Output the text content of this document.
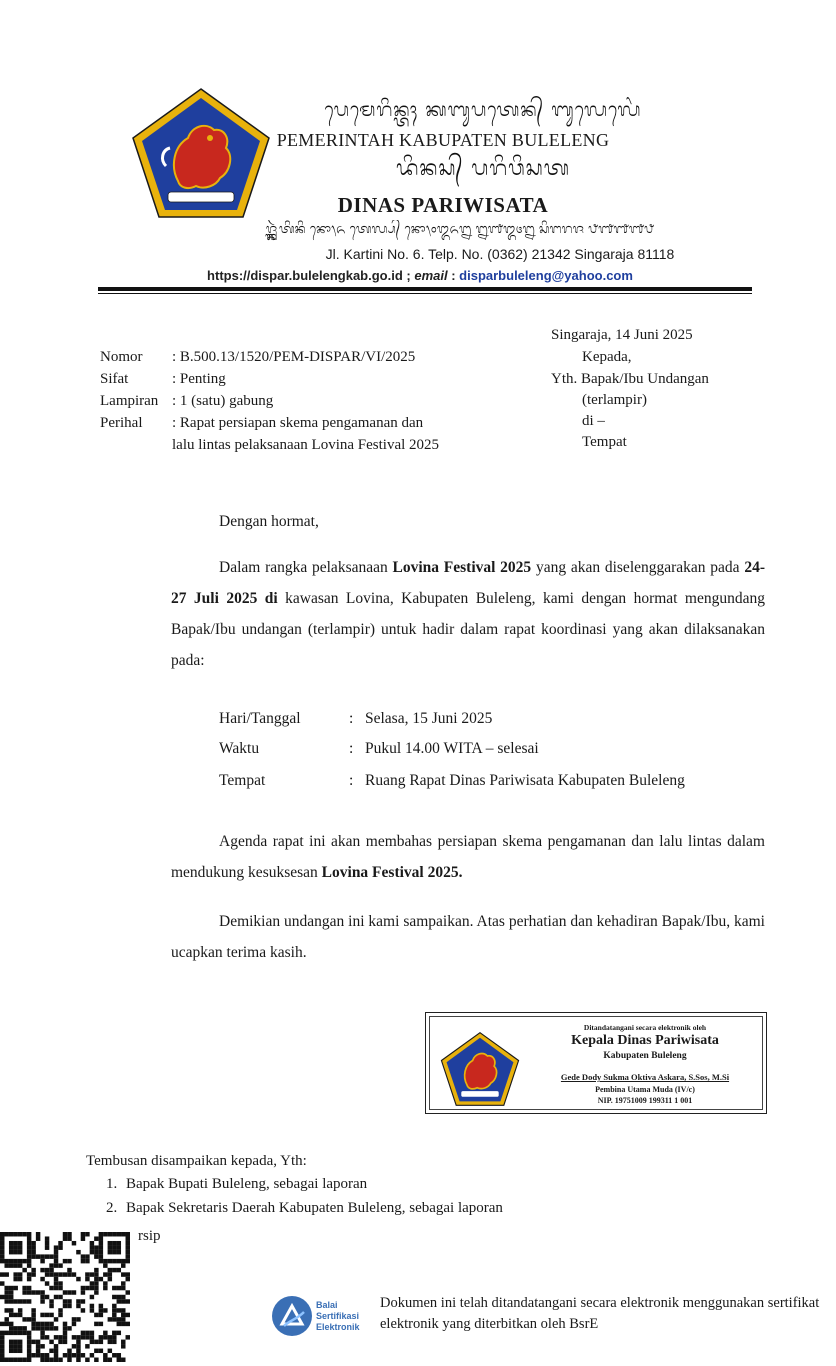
ᬧᬾᬫᬾᬭᬶᬦ᭄ᬢᬄ ᬓᬩᬸᬧᬢᬾᬦ᭄ ᬩᬸᬮᬾᬮᬾᬂ
PEMERINTAH KABUPATEN BULELENG
ᬤᬶᬦᬲ᭄ ᬧᬭᬶᬯᬶᬲᬢ
DINAS PARIWISATA
ᬚ᭄ᬮ᭄ᬓᬃᬢᬶᬦᬶ ᬦᭀ᭞᭖ ᬢᬾᬮ᭄ᬧ᭄ ᬦᭀ᭞᭐᭓᭖᭒ ᭒᭑᭓᭔᭒ ᬲᬶᬗᬭᬚ ᭘᭑᭑᭑᭘
Jl. Kartini No. 6. Telp. No. (0362) 21342 Singaraja 81118
https://dispar.bulelengkab.go.id ; email : disparbuleleng@yahoo.com
Nomor : B.500.13/1520/PEM-DISPAR/VI/2025
Sifat	: Penting
Lampiran : 1 (satu) gabung
Perihal : Rapat persiapan skema pengamanan dan lalu lintas pelaksanaan Lovina Festival 2025
Singaraja, 14 Juni 2025
Kepada,
Yth. Bapak/Ibu Undangan
(terlampir)
di –
Tempat
Dengan hormat,

Dalam rangka pelaksanaan Lovina Festival 2025 yang akan diselenggarakan pada 24-27 Juli 2025 di kawasan Lovina, Kabupaten Buleleng, kami dengan hormat mengundang Bapak/Ibu undangan (terlampir) untuk hadir dalam rapat koordinasi yang akan dilaksanakan pada:

Hari/Tanggal	: Selasa, 15 Juni 2025
Waktu	: Pukul 14.00 WITA – selesai
Tempat	: Ruang Rapat Dinas Pariwisata Kabupaten Buleleng

Agenda rapat ini akan membahas persiapan skema pengamanan dan lalu lintas dalam mendukung kesuksesan Lovina Festival 2025.

Demikian undangan ini kami sampaikan. Atas perhatian dan kehadiran Bapak/Ibu, kami ucapkan terima kasih.

Ditandatangani secara elektronik oleh
Kepala Dinas Pariwisata
Kabupaten Buleleng
Gede Dody Sukma Oktiva Askara, S.Sos, M.Si
Pembina Utama Muda (IV/c)
NIP. 19751009 199311 1 001
Tembusan disampaikan kepada, Yth:
1. Bapak Bupati Buleleng, sebagai laporan
2. Bapak Sekretaris Daerah Kabupaten Buleleng, sebagai laporan
rsip
Balai
Sertifikasi
Elektronik
Dokumen ini telah ditandatangani secara elektronik menggunakan sertifikat elektronik yang diterbitkan oleh BsrE
